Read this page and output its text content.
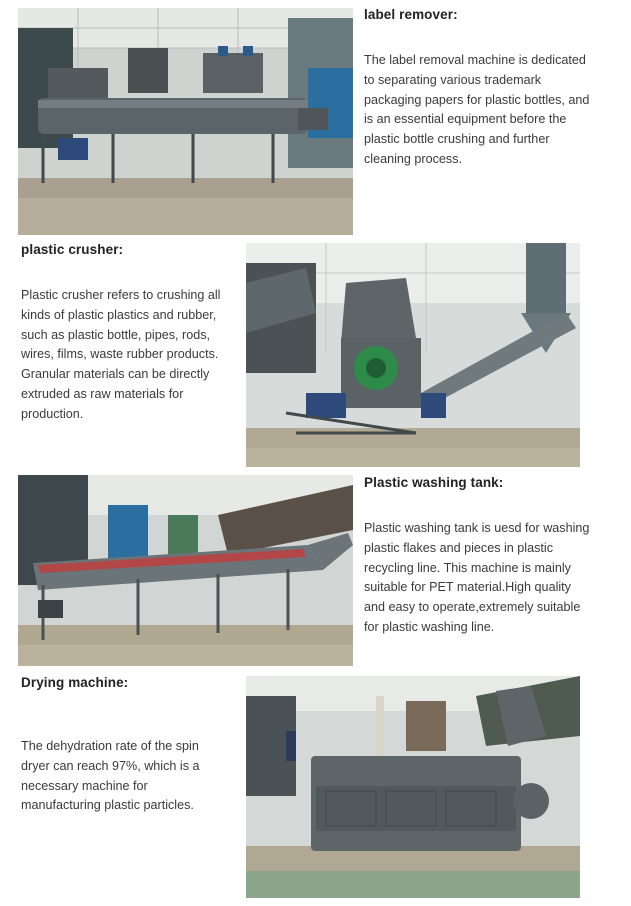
label remover:

The label removal machine is dedicated to separating various trademark packaging papers for plastic bottles, and is an essential equipment before the plastic bottle crushing and further cleaning process.

plastic crusher:

Plastic crusher refers to crushing all kinds of plastic plastics and rubber, such as plastic bottle, pipes, rods, wires, films, waste rubber products. Granular materials can be directly extruded as raw materials for production.

Plastic washing tank:

Plastic washing tank is uesd for washing plastic flakes and pieces in plastic recycling line. This machine is mainly suitable for PET material.High quality and easy to operate,extremely suitable for plastic washing line.

Drying machine:

The dehydration rate of the spin dryer can reach 97%, which is a necessary machine for manufacturing plastic particles.
